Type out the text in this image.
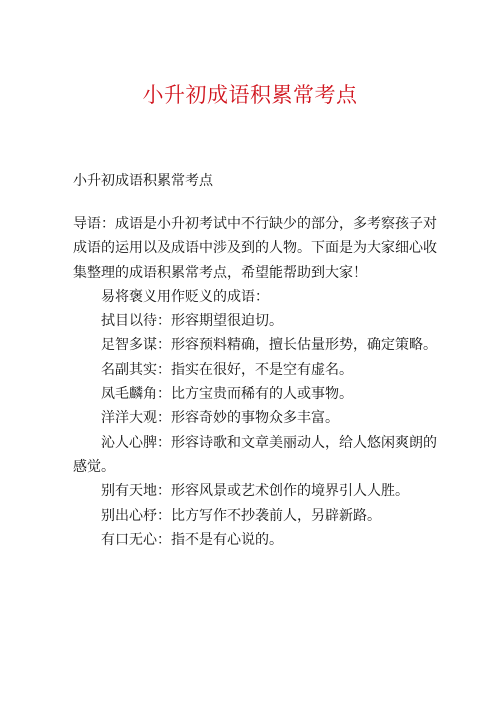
小升初成语积累常考点
小升初成语积累常考点

导语：成语是小升初考试中不行缺少的部分，多考察孩子对成语的运用以及成语中涉及到的人物。下面是为大家细心收集整理的成语积累常考点，希望能帮助到大家！

易将褒义用作贬义的成语：

拭目以待：形容期望很迫切。

足智多谋：形容预料精确，擅长估量形势，确定策略。

名副其实：指实在很好，不是空有虚名。

凤毛麟角：比方宝贵而稀有的人或事物。

洋洋大观：形容奇妙的事物众多丰富。

沁人心脾：形容诗歌和文章美丽动人，给人悠闲爽朗的感觉。

别有天地：形容风景或艺术创作的境界引人人胜。

别出心杼：比方写作不抄袭前人，另辟新路。

有口无心：指不是有心说的。
